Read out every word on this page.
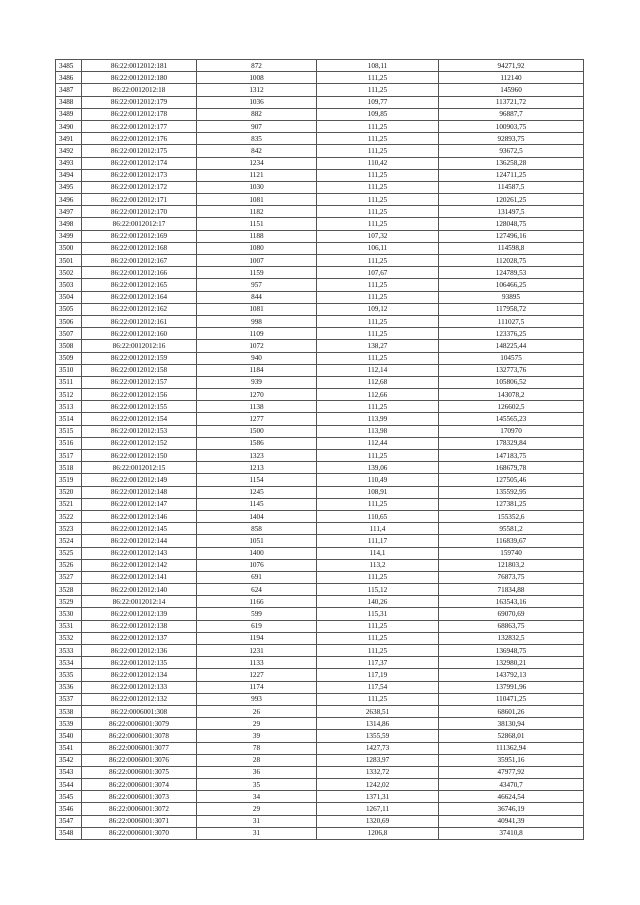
3485	86:22:0012012:181	872	108,11	94271,92
3486	86:22:0012012:180	1008	111,25	112140
3487	86:22:0012012:18	1312	111,25	145960
3488	86:22:0012012:179	1036	109,77	113721,72
3489	86:22:0012012:178	882	109,85	96887,7
3490	86:22:0012012:177	907	111,25	100903,75
3491	86:22:0012012:176	835	111,25	92893,75
3492	86:22:0012012:175	842	111,25	93672,5
3493	86:22:0012012:174	1234	110,42	136258,28
3494	86:22:0012012:173	1121	111,25	124711,25
3495	86:22:0012012:172	1030	111,25	114587,5
3496	86:22:0012012:171	1081	111,25	120261,25
3497	86:22:0012012:170	1182	111,25	131497,5
3498	86:22:0012012:17	1151	111,25	128048,75
3499	86:22:0012012:169	1188	107,32	127496,16
3500	86:22:0012012:168	1080	106,11	114598,8
3501	86:22:0012012:167	1007	111,25	112028,75
3502	86:22:0012012:166	1159	107,67	124789,53
3503	86:22:0012012:165	957	111,25	106466,25
3504	86:22:0012012:164	844	111,25	93895
3505	86:22:0012012:162	1081	109,12	117958,72
3506	86:22:0012012:161	998	111,25	111027,5
3507	86:22:0012012:160	1109	111,25	123376,25
3508	86:22:0012012:16	1072	138,27	148225,44
3509	86:22:0012012:159	940	111,25	104575
3510	86:22:0012012:158	1184	112,14	132773,76
3511	86:22:0012012:157	939	112,68	105806,52
3512	86:22:0012012:156	1270	112,66	143078,2
3513	86:22:0012012:155	1138	111,25	126602,5
3514	86:22:0012012:154	1277	113,99	145565,23
3515	86:22:0012012:153	1500	113,98	170970
3516	86:22:0012012:152	1586	112,44	178329,84
3517	86:22:0012012:150	1323	111,25	147183,75
3518	86:22:0012012:15	1213	139,06	168679,78
3519	86:22:0012012:149	1154	110,49	127505,46
3520	86:22:0012012:148	1245	108,91	135592,95
3521	86:22:0012012:147	1145	111,25	127381,25
3522	86:22:0012012:146	1404	110,65	155352,6
3523	86:22:0012012:145	858	111,4	95581,2
3524	86:22:0012012:144	1051	111,17	116839,67
3525	86:22:0012012:143	1400	114,1	159740
3526	86:22:0012012:142	1076	113,2	121803,2
3527	86:22:0012012:141	691	111,25	76873,75
3528	86:22:0012012:140	624	115,12	71834,88
3529	86:22:0012012:14	1166	140,26	163543,16
3530	86:22:0012012:139	599	115,31	69070,69
3531	86:22:0012012:138	619	111,25	68863,75
3532	86:22:0012012:137	1194	111,25	132832,5
3533	86:22:0012012:136	1231	111,25	136948,75
3534	86:22:0012012:135	1133	117,37	132980,21
3535	86:22:0012012:134	1227	117,19	143792,13
3536	86:22:0012012:133	1174	117,54	137991,96
3537	86:22:0012012:132	993	111,25	110471,25
3538	86:22:0006001:308	26	2638,51	68601,26
3539	86:22:0006001:3079	29	1314,86	38130,94
3540	86:22:0006001:3078	39	1355,59	52868,01
3541	86:22:0006001:3077	78	1427,73	111362,94
3542	86:22:0006001:3076	28	1283,97	35951,16
3543	86:22:0006001:3075	36	1332,72	47977,92
3544	86:22:0006001:3074	35	1242,02	43470,7
3545	86:22:0006001:3073	34	1371,31	46624,54
3546	86:22:0006001:3072	29	1267,11	36746,19
3547	86:22:0006001:3071	31	1320,69	40941,39
3548	86:22:0006001:3070	31	1206,8	37410,8
